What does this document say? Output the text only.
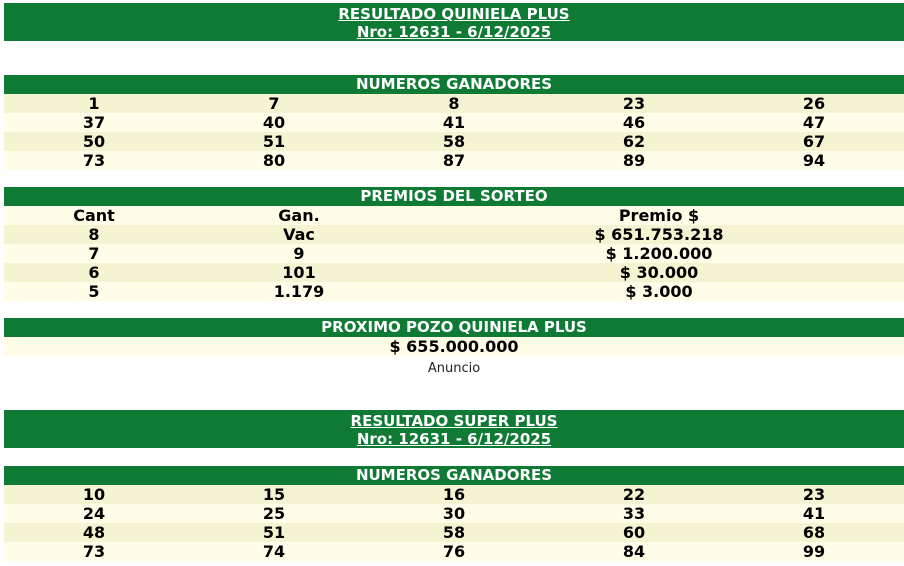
RESULTADO QUINIELA PLUS
Nro: 12631 - 6/12/2025
NUMEROS GANADORES
1	7	8	23	26
37	40	41	46	47
50	51	58	62	67
73	80	87	89	94
PREMIOS DEL SORTEO
Cant	Gan.	Premio $
8	Vac	$ 651.753.218
7	9	$ 1.200.000
6	101	$ 30.000
5	1.179	$ 3.000
PROXIMO POZO QUINIELA PLUS
$ 655.000.000
Anuncio
RESULTADO SUPER PLUS
Nro: 12631 - 6/12/2025
NUMEROS GANADORES
10	15	16	22	23
24	25	30	33	41
48	51	58	60	68
73	74	76	84	99
